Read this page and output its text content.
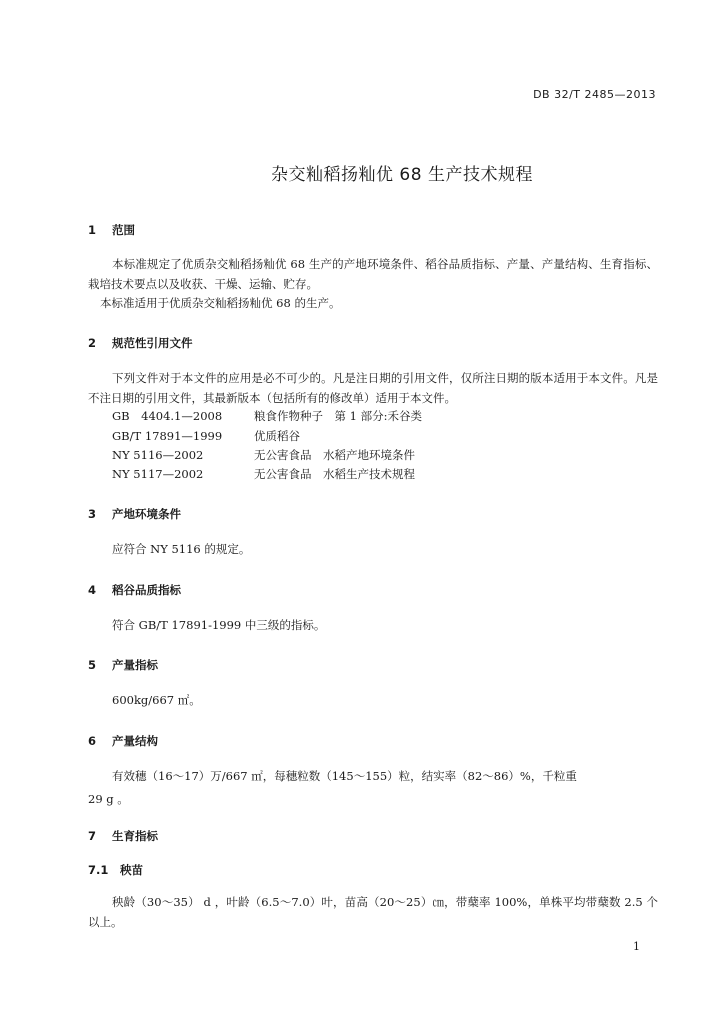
DB 32/T 2485—2013
杂交籼稻扬籼优 68 生产技术规程
1 范围
本标准规定了优质杂交籼稻扬籼优 68 生产的产地环境条件、稻谷品质指标、产量、产量结构、生育指标、栽培技术要点以及收获、干燥、运输、贮存。
本标准适用于优质杂交籼稻扬籼优 68 的生产。
2 规范性引用文件
下列文件对于本文件的应用是必不可少的。凡是注日期的引用文件，仅所注日期的版本适用于本文件。凡是不注日期的引用文件，其最新版本（包括所有的修改单）适用于本文件。
GB　4404.1—2008	粮食作物种子　第 1 部分:禾谷类
GB/T 17891—1999	优质稻谷
NY 5116—2002	无公害食品　水稻产地环境条件
NY 5117—2002	无公害食品　水稻生产技术规程
3 产地环境条件
应符合 NY 5116 的规定。
4 稻谷品质指标
符合 GB/T 17891-1999 中三级的指标。
5 产量指标
600kg/667 ㎡。
6 产量结构
有效穗（16～17）万/667 ㎡，每穗粒数（145～155）粒，结实率（82～86）%，千粒重
29 g 。
7 生育指标
7.1 秧苗
秧龄（30～35） d ，叶龄（6.5～7.0）叶，苗高（20～25）㎝，带蘖率 100%，单株平均带蘖数 2.5 个以上。
1
